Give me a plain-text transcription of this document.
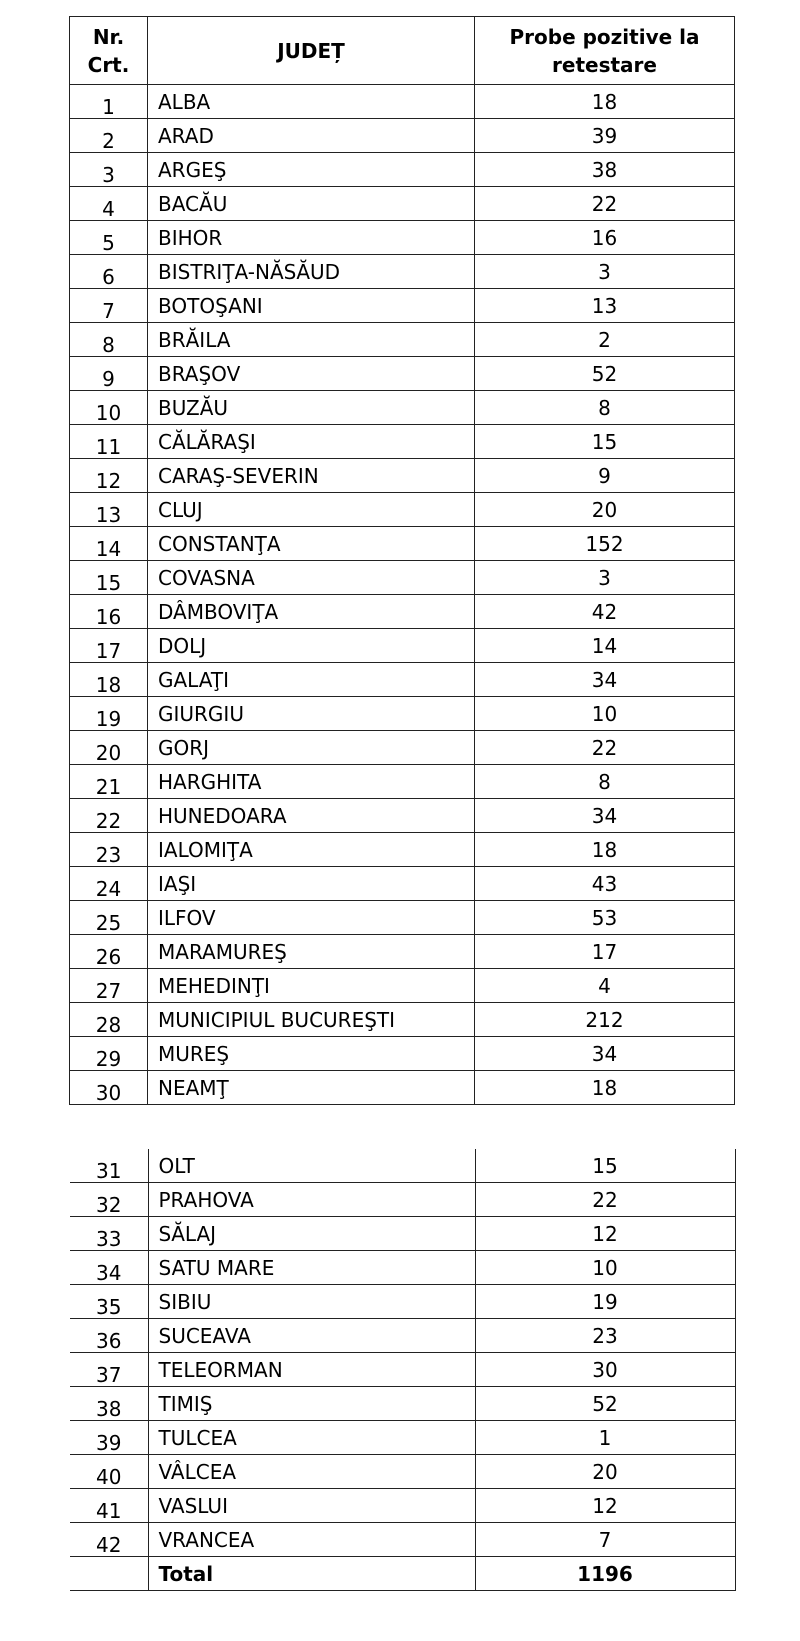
Nr.
Crt.	JUDEȚ	Probe pozitive la retestare
1	ALBA	18
2	ARAD	39
3	ARGEŞ	38
4	BACĂU	22
5	BIHOR	16
6	BISTRIŢA-NĂSĂUD	3
7	BOTOŞANI	13
8	BRĂILA	2
9	BRAŞOV	52
10	BUZĂU	8
11	CĂLĂRAŞI	15
12	CARAŞ-SEVERIN	9
13	CLUJ	20
14	CONSTANŢA	152
15	COVASNA	3
16	DÂMBOVIŢA	42
17	DOLJ	14
18	GALAŢI	34
19	GIURGIU	10
20	GORJ	22
21	HARGHITA	8
22	HUNEDOARA	34
23	IALOMIŢA	18
24	IAŞI	43
25	ILFOV	53
26	MARAMUREŞ	17
27	MEHEDINŢI	4
28	MUNICIPIUL BUCUREŞTI	212
29	MUREŞ	34
30	NEAMŢ	18
31	OLT	15
32	PRAHOVA	22
33	SĂLAJ	12
34	SATU MARE	10
35	SIBIU	19
36	SUCEAVA	23
37	TELEORMAN	30
38	TIMIŞ	52
39	TULCEA	1
40	VÂLCEA	20
41	VASLUI	12
42	VRANCEA	7
	Total	1196
